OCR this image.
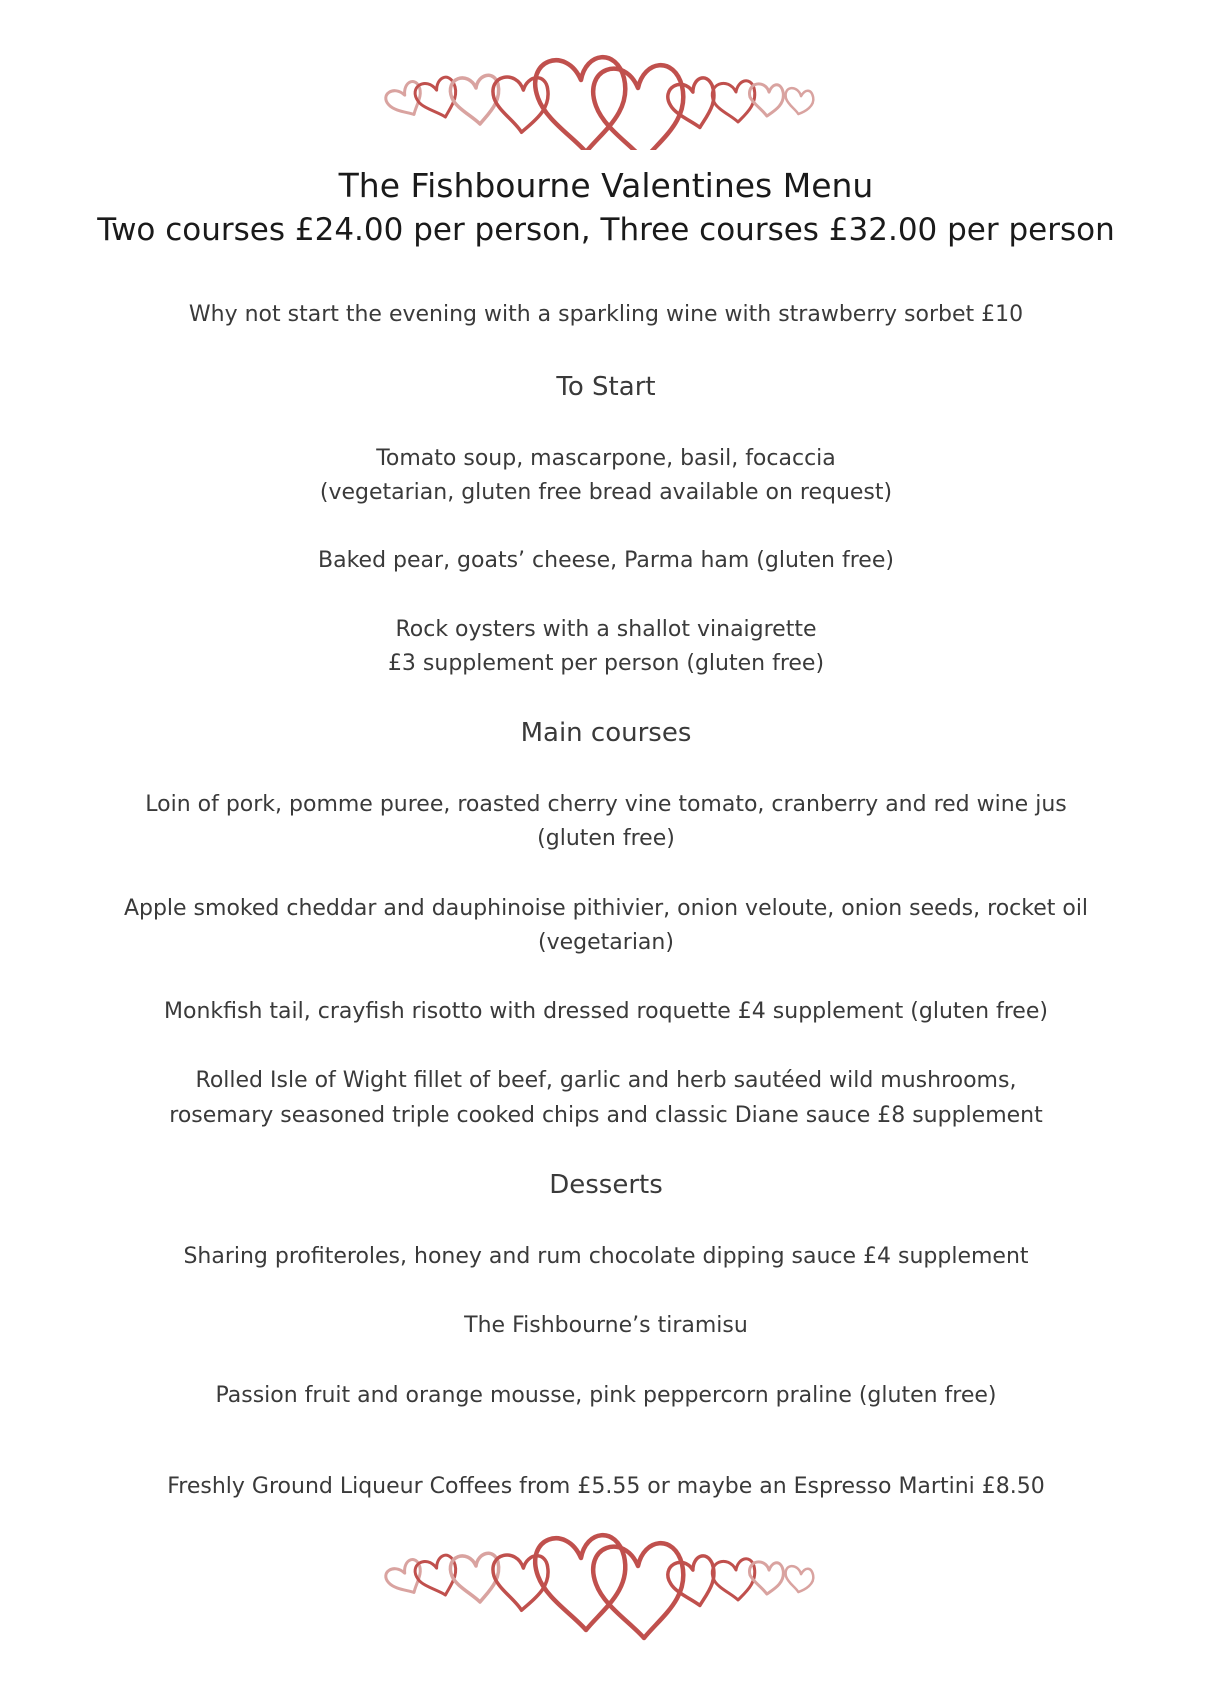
The Fishbourne Valentines Menu
Two courses £24.00 per person, Three courses £32.00 per person
Why not start the evening with a sparkling wine with strawberry sorbet £10
To Start
Tomato soup, mascarpone, basil, focaccia
(vegetarian, gluten free bread available on request)
Baked pear, goats’ cheese, Parma ham (gluten free)
Rock oysters with a shallot vinaigrette
£3 supplement per person (gluten free)
Main courses
Loin of pork, pomme puree, roasted cherry vine tomato, cranberry and red wine jus
(gluten free)
Apple smoked cheddar and dauphinoise pithivier, onion veloute, onion seeds, rocket oil
(vegetarian)
Monkfish tail, crayfish risotto with dressed roquette £4 supplement (gluten free)
Rolled Isle of Wight fillet of beef, garlic and herb sautéed wild mushrooms,
rosemary seasoned triple cooked chips and classic Diane sauce £8 supplement
Desserts
Sharing profiteroles, honey and rum chocolate dipping sauce £4 supplement
The Fishbourne’s tiramisu
Passion fruit and orange mousse, pink peppercorn praline (gluten free)
Freshly Ground Liqueur Coffees from £5.55 or maybe an Espresso Martini £8.50
